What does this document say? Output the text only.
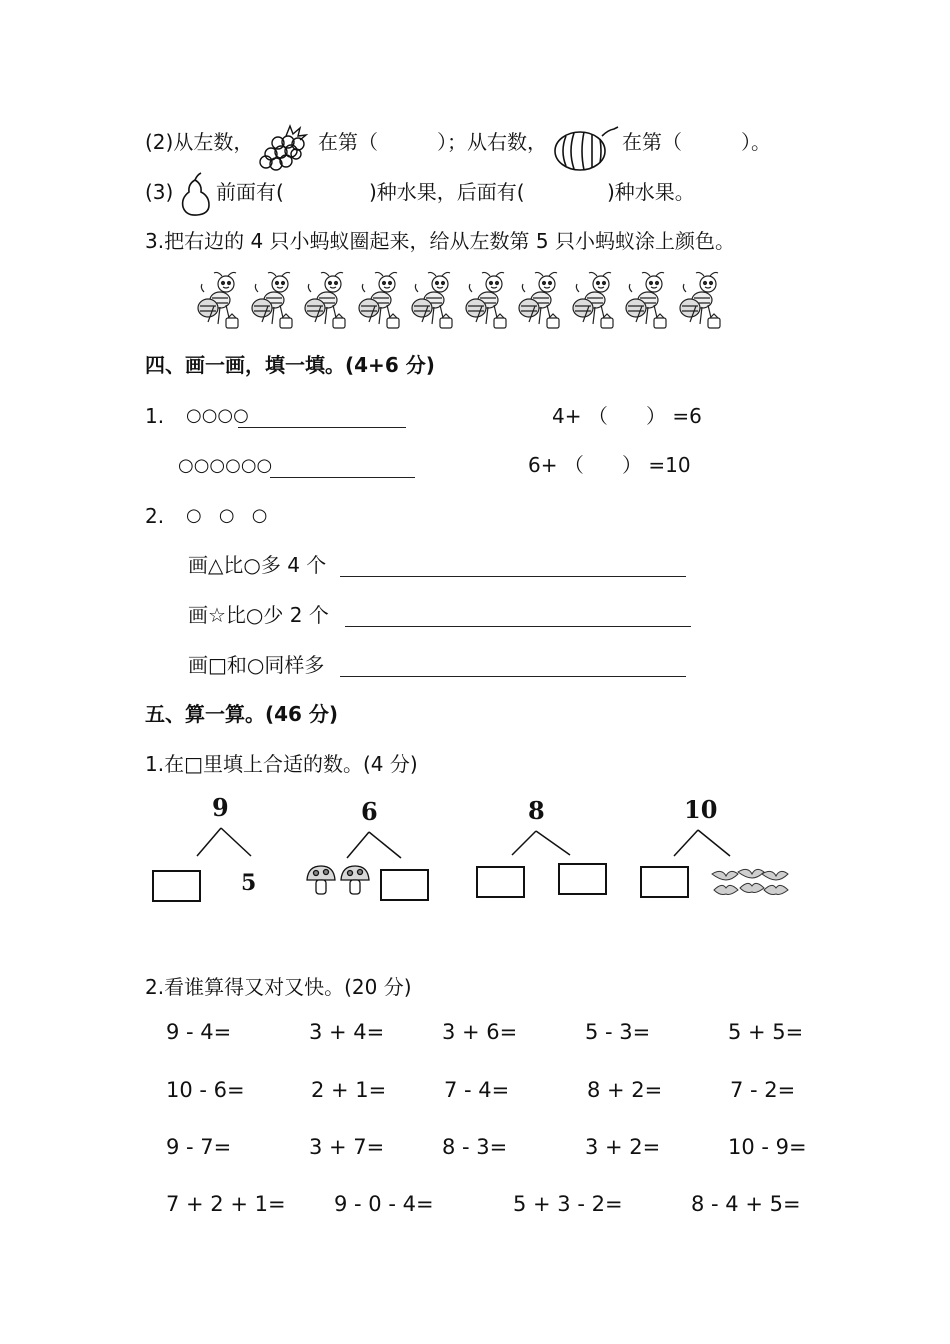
(2)从左数，	在第（	）；从右数，	在第（	）。
(3) 前面有(	)种水果，后面有(	)种水果。
3.把右边的 4 只小蚂蚁圈起来，给从左数第 5 只小蚂蚁涂上颜色。
四、画一画，填一填。(4+6 分)
1. ○○○○	4+ （      ） =6
○○○○○○	6+ （      ） =10
2. ○   ○   ○
画△比○多 4 个
画☆比○少 2 个
画□和○同样多
五、算一算。(46 分)
1.在□里填上合适的数。(4 分)
9
5
6	8	10
2.看谁算得又对又快。(20 分)
9 - 4=	3 + 4=	3 + 6=	5 - 3=	5 + 5=
10 - 6=	2 + 1=	7 - 4=	8 + 2=	7 - 2=
9 - 7=	3 + 7=	8 - 3=	3 + 2=	10 - 9=
7 + 2 + 1= 9 - 0 - 4=	5 + 3 - 2=	8 - 4 + 5=
